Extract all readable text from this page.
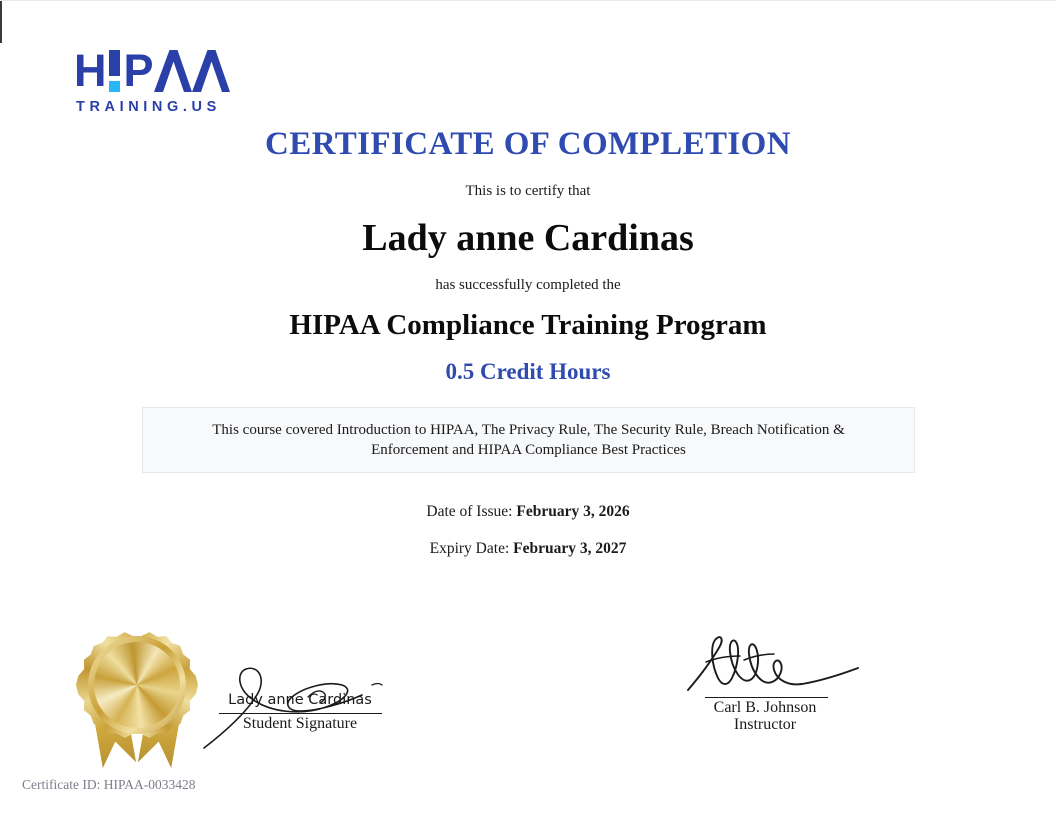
H P
TRAINING.US
CERTIFICATE OF COMPLETION
This is to certify that
Lady anne Cardinas
has successfully completed the
HIPAA Compliance Training Program
0.5 Credit Hours
This course covered Introduction to HIPAA, The Privacy Rule, The Security Rule, Breach Notification & Enforcement and HIPAA Compliance Best Practices
Date of Issue: February 3, 2026
Expiry Date: February 3, 2027
Lady anne Cardinas
Student Signature
Carl B. Johnson
Instructor
Certificate ID: HIPAA-0033428
